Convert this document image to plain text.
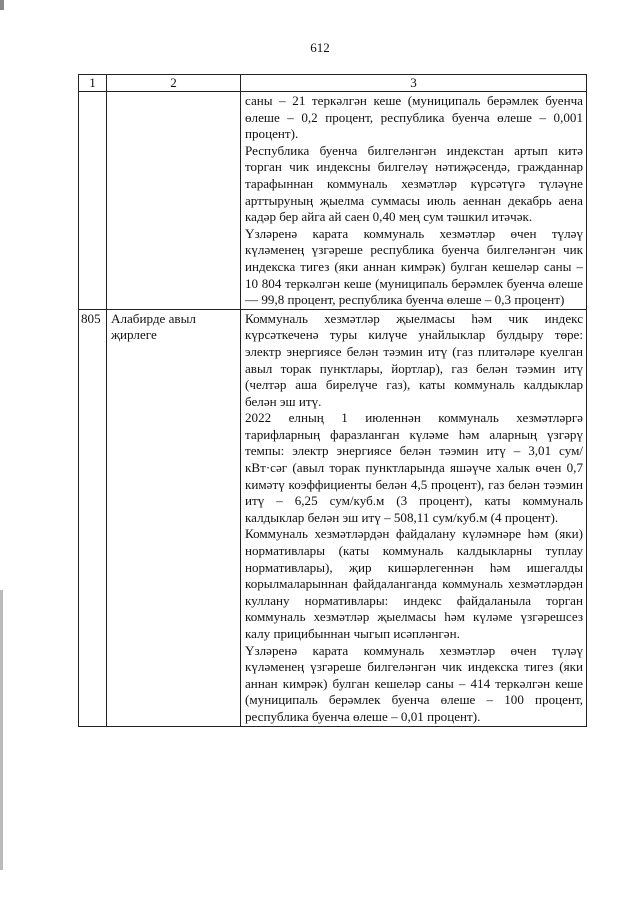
612
1	2	3

		саны – 21 теркәлгән кеше (муниципаль берәмлек буенча өлеше – 0,2 процент, республика буенча өлеше – 0,001 процент).

Республика буенча билгеләнгән индекстан артып китә торган чик индексны билгеләү нәтиҗәсендә, гражданнар тарафыннан коммуналь хезмәтләр күрсәтүгә түләүне арттыруның җыелма суммасы июль аеннан декабрь аена кадәр бер айга ай саен 0,40 мең сум тәшкил итәчәк.

Үзләренә карата коммуналь хезмәтләр өчен түләү күләменең үзгәреше республика буенча билгеләнгән чик индекска тигез (яки аннан кимрәк) булган кешеләр саны – 10 804 теркәлгән кеше (муниципаль берәмлек буенча өлеше — 99,8 процент, республика буенча өлеше – 0,3 процент)

805	Алабирде авыл җирлеге	Коммуналь хезмәтләр җыелмасы һәм чик индекс күрсәткеченә туры килүче унайлыклар булдыру төре: электр энергиясе белән тәэмин итү (газ плитәләре куелган авыл торак пунктлары, йортлар), газ белән тәэмин итү (челтәр аша бирелүче газ), каты коммуналь калдыклар белән эш итү.

2022 елның 1 июленнән коммуналь хезмәтләргә тарифларның фаразланган күләме һәм аларның үзгәрү темпы: электр энергиясе белән тәэмин итү – 3,01 сум/кВт·сәг (авыл торак пунктларында яшәүче халык өчен 0,7 кимәтү коэффициенты белән 4,5 процент), газ белән тәэмин итү – 6,25 сум/куб.м (3 процент), каты коммуналь калдыклар белән эш итү – 508,11 сум/куб.м (4 процент).

Коммуналь хезмәтләрдән файдалану күләмнәре һәм (яки) нормативлары (каты коммуналь калдыкларны туплау нормативлары), җир кишәрлегеннән һәм ишегалды корылмаларыннан файдаланганда коммуналь хезмәтләрдән куллану нормативлары: индекс файдаланыла торган коммуналь хезмәтләр җыелмасы һәм күләме үзгәрешсез калу прицибыннан чыгып исәпләнгән.

Үзләренә карата коммуналь хезмәтләр өчен түләү күләменең үзгәреше билгеләнгән чик индекска тигез (яки аннан кимрәк) булган кешеләр саны – 414 теркәлгән кеше (муниципаль берәмлек буенча өлеше – 100 процент, республика буенча өлеше – 0,01 процент).
